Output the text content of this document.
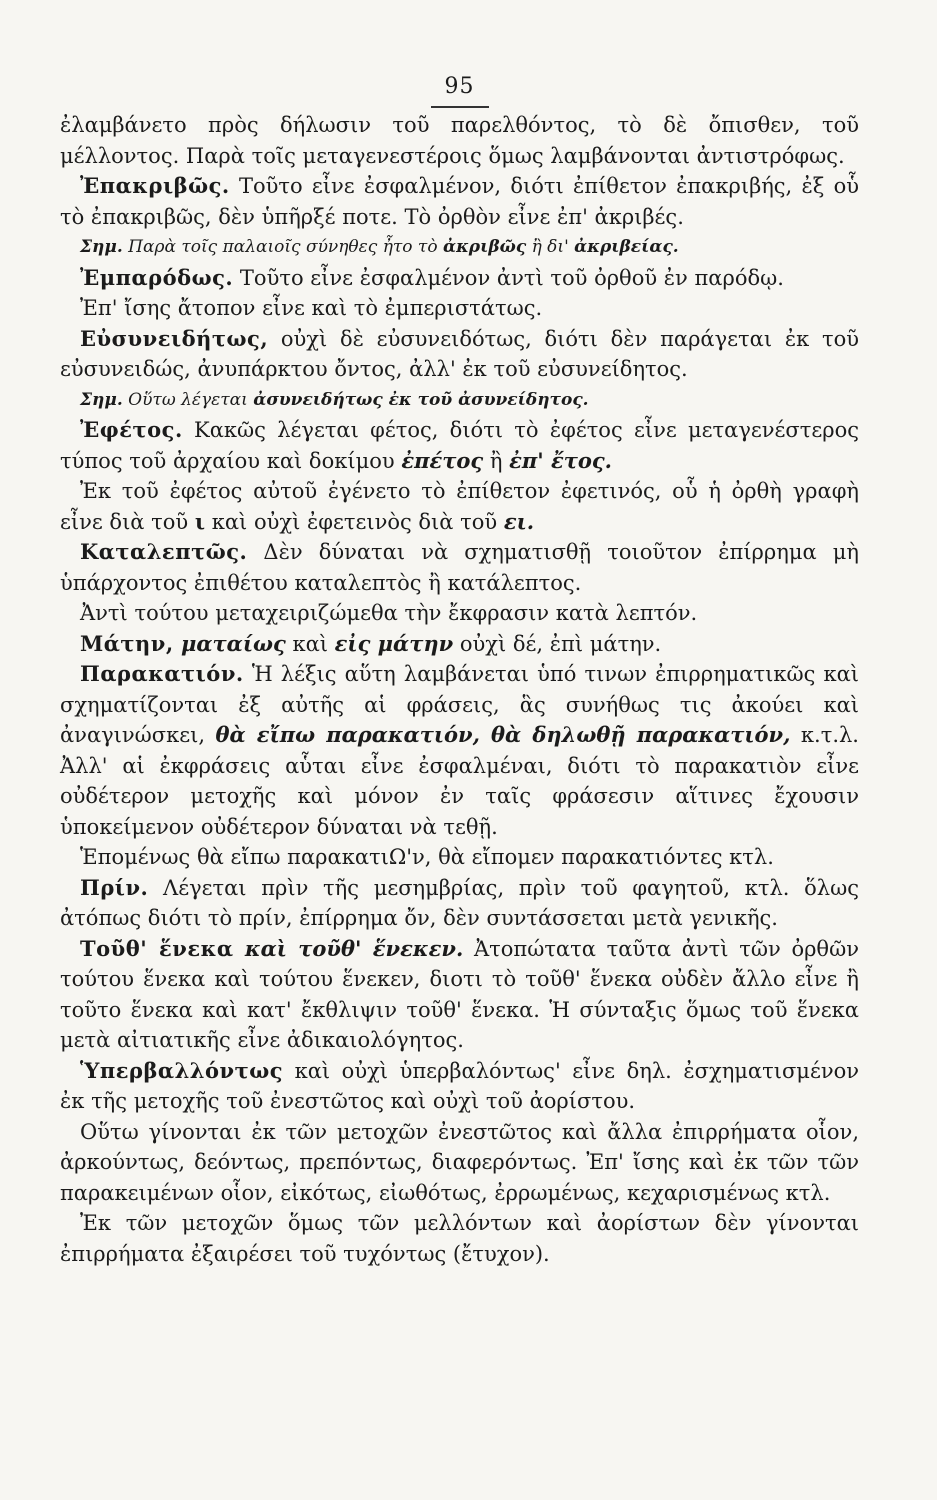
95

ἐλαμβάνετο πρὸς δήλωσιν τοῦ παρελθόντος, τὸ δὲ ὄπισθεν, τοῦ μέλλοντος. Παρὰ τοῖς μεταγενεστέροις ὅμως λαμβάνονται ἀντιστρόφως.

Ἐπακριβῶς. Τοῦτο εἶνε ἐσφαλμένον, διότι ἐπίθετον ἐπακριβής, ἐξ οὗ τὸ ἐπακριβῶς, δὲν ὑπῆρξέ ποτε. Τὸ ὀρθὸν εἶνε ἐπ' ἀκριβές.

Σημ. Παρὰ τοῖς παλαιοῖς σύνηθες ἦτο τὸ ἀκριβῶς ἢ δι' ἀκριβείας.

Ἐμπαρόδως. Τοῦτο εἶνε ἐσφαλμένον ἀντὶ τοῦ ὀρθοῦ ἐν παρόδῳ.

Ἐπ' ἴσης ἄτοπον εἶνε καὶ τὸ ἐμπεριστάτως.

Εὐσυνειδήτως, οὐχὶ δὲ εὐσυνειδότως, διότι δὲν παράγεται ἐκ τοῦ εὐσυνειδώς, ἀνυπάρκτου ὄντος, ἀλλ' ἐκ τοῦ εὐσυνείδητος.

Σημ. Οὕτω λέγεται ἀσυνειδήτως ἐκ τοῦ ἀσυνείδητος.

Ἐφέτος. Κακῶς λέγεται φέτος, διότι τὸ ἐφέτος εἶνε μεταγενέστερος τύπος τοῦ ἀρχαίου καὶ δοκίμου ἐπέτος ἢ ἐπ' ἔτος.

Ἐκ τοῦ ἐφέτος αὐτοῦ ἐγένετο τὸ ἐπίθετον ἐφετινός, οὗ ἡ ὀρθὴ γραφὴ εἶνε διὰ τοῦ ι καὶ οὐχὶ ἐφετεινὸς διὰ τοῦ ει.

Καταλεπτῶς. Δὲν δύναται νὰ σχηματισθῇ τοιοῦτον ἐπίρρημα μὴ ὑπάρχοντος ἐπιθέτου καταλεπτὸς ἢ κατάλεπτος.

Ἀντὶ τούτου μεταχειριζώμεθα τὴν ἔκφρασιν κατὰ λεπτόν.

Μάτην, ματαίως καὶ εἰς μάτην οὐχὶ δέ, ἐπὶ μάτην.

Παρακατιόν. Ἡ λέξις αὕτη λαμβάνεται ὑπό τινων ἐπιρρηματικῶς καὶ σχηματίζονται ἐξ αὐτῆς αἱ φράσεις, ἃς συνήθως τις ἀκούει καὶ ἀναγινώσκει, θὰ εἴπω παρακατιόν, θὰ δηλωθῇ παρακατιόν, κ.τ.λ. Ἀλλ' αἱ ἐκφράσεις αὗται εἶνε ἐσφαλμέναι, διότι τὸ παρακατιὸν εἶνε οὐδέτερον μετοχῆς καὶ μόνον ἐν ταῖς φράσεσιν αἵτινες ἔχουσιν ὑποκείμενον οὐδέτερον δύναται νὰ τεθῇ.

Ἑπομένως θὰ εἴπω παρακατιΩ'ν, θὰ εἴπομεν παρακατιόντες κτλ.

Πρίν. Λέγεται πρὶν τῆς μεσημβρίας, πρὶν τοῦ φαγητοῦ, κτλ. ὅλως ἀτόπως διότι τὸ πρίν, ἐπίρρημα ὄν, δὲν συντάσσεται μετὰ γενικῆς.

Τοῦθ' ἕνεκα καὶ τοῦθ' ἕνεκεν. Ἀτοπώτατα ταῦτα ἀντὶ τῶν ὀρθῶν τούτου ἕνεκα καὶ τούτου ἕνεκεν, διοτι τὸ τοῦθ' ἕνεκα οὐδὲν ἄλλο εἶνε ἢ τοῦτο ἕνεκα καὶ κατ' ἔκθλιψιν τοῦθ' ἕνεκα. Ἡ σύνταξις ὅμως τοῦ ἕνεκα μετὰ αἰτιατικῆς εἶνε ἀδικαιολόγητος.

Ὑπερβαλλόντως καὶ οὐχὶ ὑπερβαλόντως' εἶνε δηλ. ἐσχηματισμένον ἐκ τῆς μετοχῆς τοῦ ἐνεστῶτος καὶ οὐχὶ τοῦ ἀορίστου.

Οὕτω γίνονται ἐκ τῶν μετοχῶν ἐνεστῶτος καὶ ἄλλα ἐπιρρήματα οἷον, ἀρκούντως, δεόντως, πρεπόντως, διαφερόντως. Ἐπ' ἴσης καὶ ἐκ τῶν τῶν παρακειμένων οἷον, εἰκότως, εἰωθότως, ἐρρωμένως, κεχαρισμένως κτλ.

Ἐκ τῶν μετοχῶν ὅμως τῶν μελλόντων καὶ ἀορίστων δὲν γίνονται ἐπιρρήματα ἐξαιρέσει τοῦ τυχόντως (ἔτυχον).
